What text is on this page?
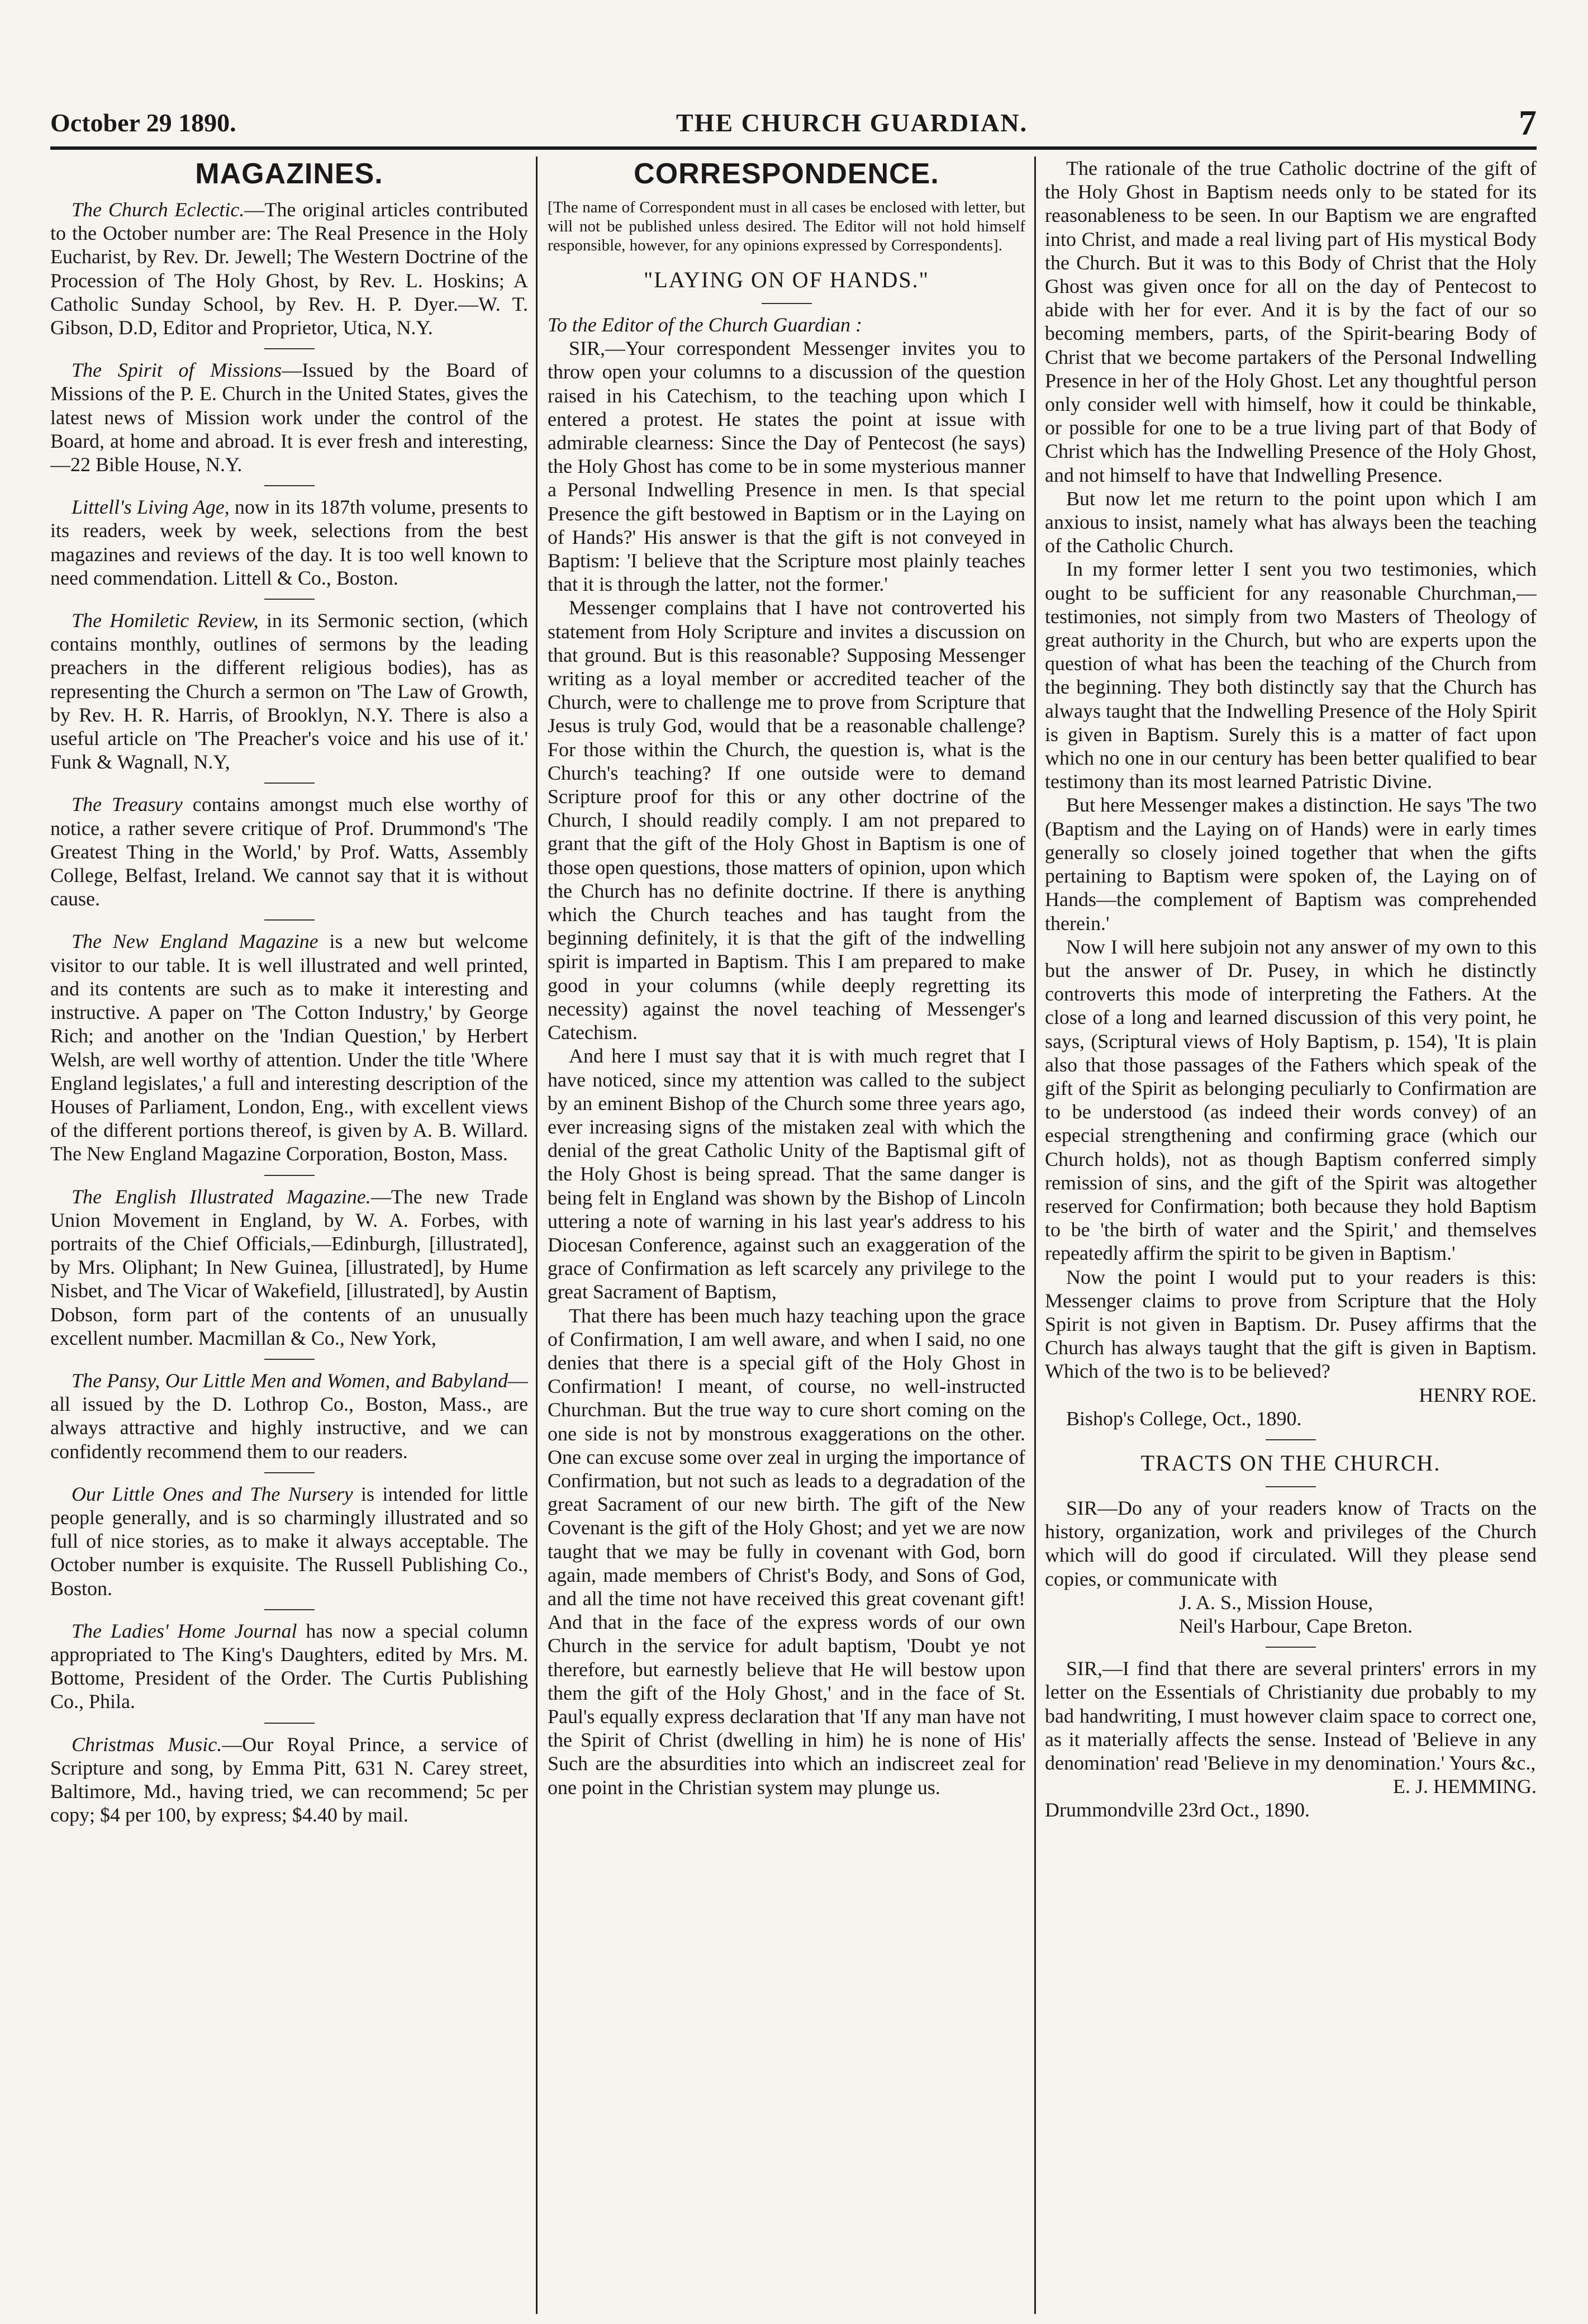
October 29 1890.	THE CHURCH GUARDIAN.	7
MAGAZINES.

The Church Eclectic.—The original articles contributed to the October number are: The Real Presence in the Holy Eucharist, by Rev. Dr. Jewell; The Western Doctrine of the Procession of The Holy Ghost, by Rev. L. Hoskins; A Catholic Sunday School, by Rev. H. P. Dyer.—W. T. Gibson, D.D, Editor and Proprietor, Utica, N.Y.

The Spirit of Missions—Issued by the Board of Missions of the P. E. Church in the United States, gives the latest news of Mission work under the control of the Board, at home and abroad. It is ever fresh and interesting,—22 Bible House, N.Y.

Littell's Living Age, now in its 187th volume, presents to its readers, week by week, selections from the best magazines and reviews of the day. It is too well known to need commendation. Littell & Co., Boston.

The Homiletic Review, in its Sermonic section, (which contains monthly, outlines of sermons by the leading preachers in the different religious bodies), has as representing the Church a sermon on 'The Law of Growth, by Rev. H. R. Harris, of Brooklyn, N.Y. There is also a useful article on 'The Preacher's voice and his use of it.' Funk & Wagnall, N.Y,

The Treasury contains amongst much else worthy of notice, a rather severe critique of Prof. Drummond's 'The Greatest Thing in the World,' by Prof. Watts, Assembly College, Belfast, Ireland. We cannot say that it is without cause.

The New England Magazine is a new but welcome visitor to our table. It is well illustrated and well printed, and its contents are such as to make it interesting and instructive. A paper on 'The Cotton Industry,' by George Rich; and another on the 'Indian Question,' by Herbert Welsh, are well worthy of attention. Under the title 'Where England legislates,' a full and interesting description of the Houses of Parliament, London, Eng., with excellent views of the different portions thereof, is given by A. B. Willard. The New England Magazine Corporation, Boston, Mass.

The English Illustrated Magazine.—The new Trade Union Movement in England, by W. A. Forbes, with portraits of the Chief Officials,—Edinburgh, [illustrated], by Mrs. Oliphant; In New Guinea, [illustrated], by Hume Nisbet, and The Vicar of Wakefield, [illustrated], by Austin Dobson, form part of the contents of an unusually excellent number. Macmillan & Co., New York,

The Pansy, Our Little Men and Women, and Babyland—all issued by the D. Lothrop Co., Boston, Mass., are always attractive and highly instructive, and we can confidently recommend them to our readers.

Our Little Ones and The Nursery is intended for little people generally, and is so charmingly illustrated and so full of nice stories, as to make it always acceptable. The October number is exquisite. The Russell Publishing Co., Boston.

The Ladies' Home Journal has now a special column appropriated to The King's Daughters, edited by Mrs. M. Bottome, President of the Order. The Curtis Publishing Co., Phila.

Christmas Music.—Our Royal Prince, a service of Scripture and song, by Emma Pitt, 631 N. Carey street, Baltimore, Md., having tried, we can recommend; 5c per copy; $4 per 100, by express; $4.40 by mail.

CORRESPONDENCE.

[The name of Correspondent must in all cases be enclosed with letter, but will not be published unless desired. The Editor will not hold himself responsible, however, for any opinions expressed by Correspondents].

"LAYING ON OF HANDS."

To the Editor of the Church Guardian :

SIR,—Your correspondent Messenger invites you to throw open your columns to a discussion of the question raised in his Catechism, to the teaching upon which I entered a protest. He states the point at issue with admirable clearness: Since the Day of Pentecost (he says) the Holy Ghost has come to be in some mysterious manner a Personal Indwelling Presence in men. Is that special Presence the gift bestowed in Baptism or in the Laying on of Hands?' His answer is that the gift is not conveyed in Baptism: 'I believe that the Scripture most plainly teaches that it is through the latter, not the former.'

Messenger complains that I have not controverted his statement from Holy Scripture and invites a discussion on that ground. But is this reasonable? Supposing Messenger writing as a loyal member or accredited teacher of the Church, were to challenge me to prove from Scripture that Jesus is truly God, would that be a reasonable challenge? For those within the Church, the question is, what is the Church's teaching? If one outside were to demand Scripture proof for this or any other doctrine of the Church, I should readily comply. I am not prepared to grant that the gift of the Holy Ghost in Baptism is one of those open questions, those matters of opinion, upon which the Church has no definite doctrine. If there is anything which the Church teaches and has taught from the beginning definitely, it is that the gift of the indwelling spirit is imparted in Baptism. This I am prepared to make good in your columns (while deeply regretting its necessity) against the novel teaching of Messenger's Catechism.

And here I must say that it is with much regret that I have noticed, since my attention was called to the subject by an eminent Bishop of the Church some three years ago, ever increasing signs of the mistaken zeal with which the denial of the great Catholic Unity of the Baptismal gift of the Holy Ghost is being spread. That the same danger is being felt in England was shown by the Bishop of Lincoln uttering a note of warning in his last year's address to his Diocesan Conference, against such an exaggeration of the grace of Confirmation as left scarcely any privilege to the great Sacrament of Baptism,

That there has been much hazy teaching upon the grace of Confirmation, I am well aware, and when I said, no one denies that there is a special gift of the Holy Ghost in Confirmation! I meant, of course, no well-instructed Churchman. But the true way to cure short coming on the one side is not by monstrous exaggerations on the other. One can excuse some over zeal in urging the importance of Confirmation, but not such as leads to a degradation of the great Sacrament of our new birth. The gift of the New Covenant is the gift of the Holy Ghost; and yet we are now taught that we may be fully in covenant with God, born again, made members of Christ's Body, and Sons of God, and all the time not have received this great covenant gift! And that in the face of the express words of our own Church in the service for adult baptism, 'Doubt ye not therefore, but earnestly believe that He will bestow upon them the gift of the Holy Ghost,' and in the face of St. Paul's equally express declaration that 'If any man have not the Spirit of Christ (dwelling in him) he is none of His' Such are the absurdities into which an indiscreet zeal for one point in the Christian system may plunge us.

The rationale of the true Catholic doctrine of the gift of the Holy Ghost in Baptism needs only to be stated for its reasonableness to be seen. In our Baptism we are engrafted into Christ, and made a real living part of His mystical Body the Church. But it was to this Body of Christ that the Holy Ghost was given once for all on the day of Pentecost to abide with her for ever. And it is by the fact of our so becoming members, parts, of the Spirit-bearing Body of Christ that we become partakers of the Personal Indwelling Presence in her of the Holy Ghost. Let any thoughtful person only consider well with himself, how it could be thinkable, or possible for one to be a true living part of that Body of Christ which has the Indwelling Presence of the Holy Ghost, and not himself to have that Indwelling Presence.

But now let me return to the point upon which I am anxious to insist, namely what has always been the teaching of the Catholic Church.

In my former letter I sent you two testimonies, which ought to be sufficient for any reasonable Churchman,—testimonies, not simply from two Masters of Theology of great authority in the Church, but who are experts upon the question of what has been the teaching of the Church from the beginning. They both distinctly say that the Church has always taught that the Indwelling Presence of the Holy Spirit is given in Baptism. Surely this is a matter of fact upon which no one in our century has been better qualified to bear testimony than its most learned Patristic Divine.

But here Messenger makes a distinction. He says 'The two (Baptism and the Laying on of Hands) were in early times generally so closely joined together that when the gifts pertaining to Baptism were spoken of, the Laying on of Hands—the complement of Baptism was comprehended therein.'

Now I will here subjoin not any answer of my own to this but the answer of Dr. Pusey, in which he distinctly controverts this mode of interpreting the Fathers. At the close of a long and learned discussion of this very point, he says, (Scriptural views of Holy Baptism, p. 154), 'It is plain also that those passages of the Fathers which speak of the gift of the Spirit as belonging peculiarly to Confirmation are to be understood (as indeed their words convey) of an especial strengthening and confirming grace (which our Church holds), not as though Baptism conferred simply remission of sins, and the gift of the Spirit was altogether reserved for Confirmation; both because they hold Baptism to be 'the birth of water and the Spirit,' and themselves repeatedly affirm the spirit to be given in Baptism.'

Now the point I would put to your readers is this: Messenger claims to prove from Scripture that the Holy Spirit is not given in Baptism. Dr. Pusey affirms that the Church has always taught that the gift is given in Baptism. Which of the two is to be believed?

HENRY ROE.

Bishop's College, Oct., 1890.

TRACTS ON THE CHURCH.

SIR—Do any of your readers know of Tracts on the history, organization, work and privileges of the Church which will do good if circulated. Will they please send copies, or communicate with

J. A. S., Mission House,

Neil's Harbour, Cape Breton.

SIR,—I find that there are several printers' errors in my letter on the Essentials of Christianity due probably to my bad handwriting, I must however claim space to correct one, as it materially affects the sense. Instead of 'Believe in any denomination' read 'Believe in my denomination.' Yours &c.,

E. J. HEMMING.

Drummondville 23rd Oct., 1890.
